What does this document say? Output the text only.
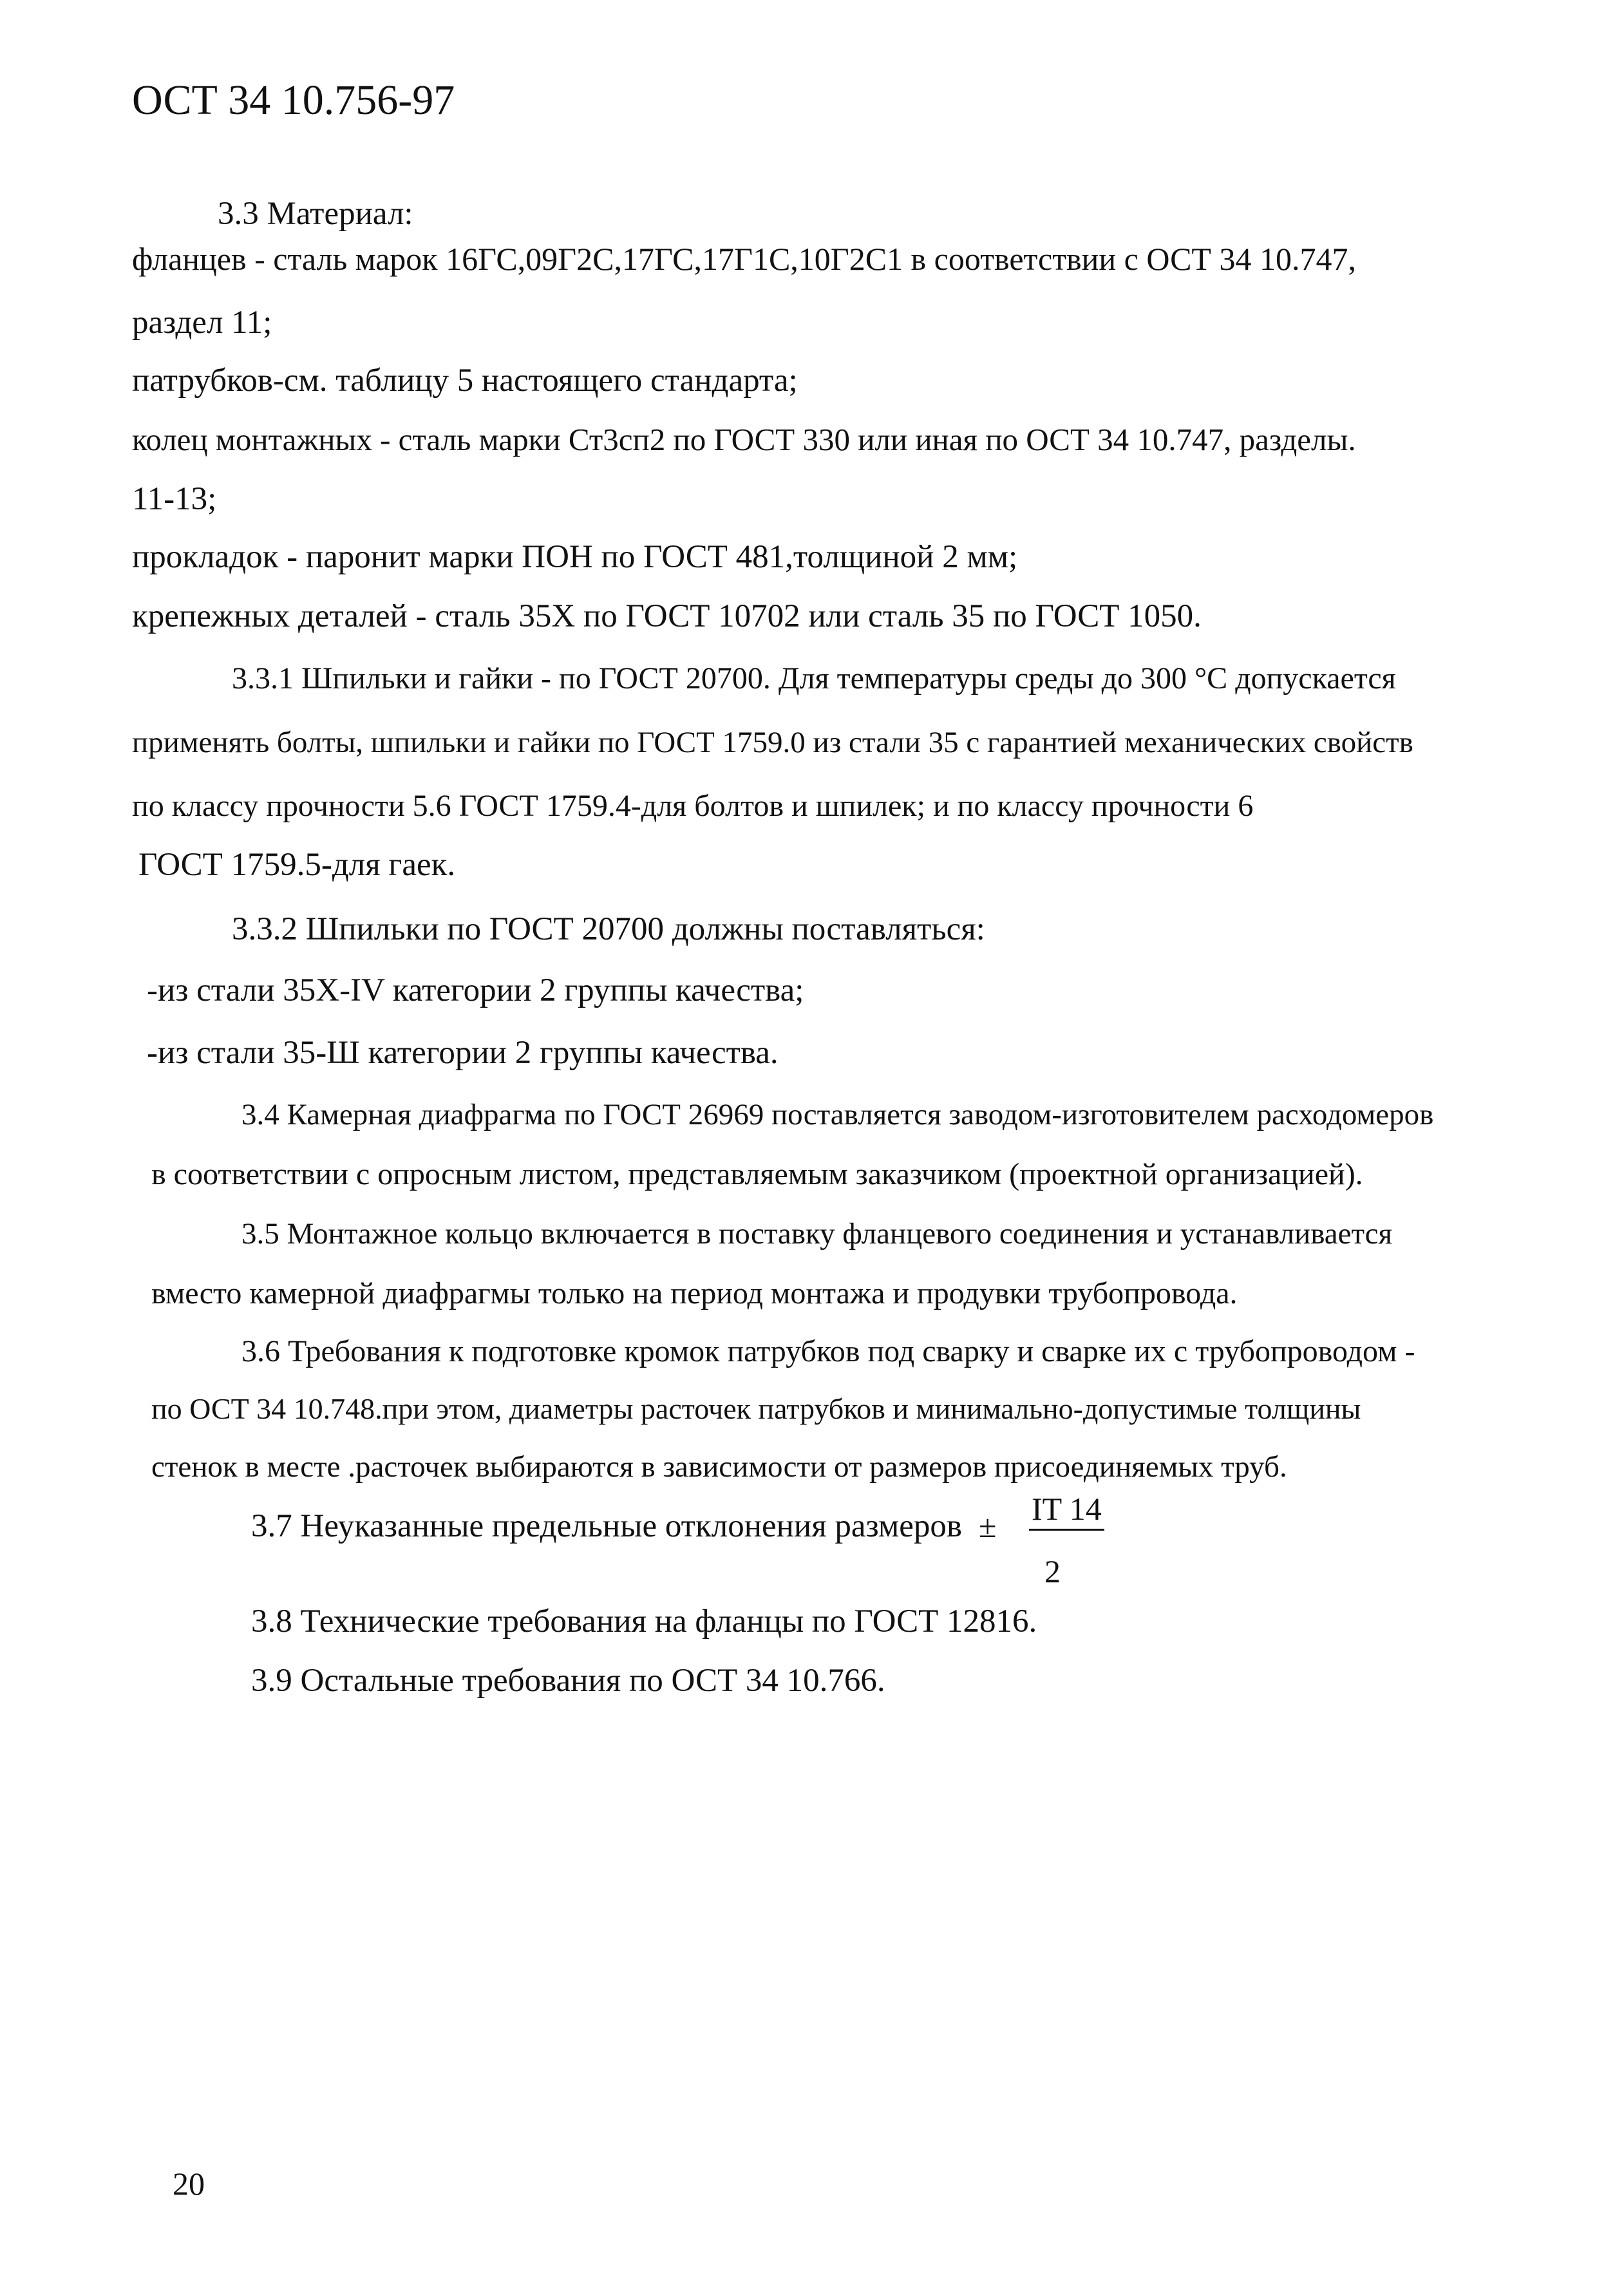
ОСТ 34 10.756-97
3.3 Материал:
фланцев - сталь марок 16ГС,09Г2С,17ГС,17Г1С,10Г2С1 в соответствии с ОСТ 34 10.747,
раздел 11;
патрубков-см. таблицу 5 настоящего стандарта;
колец монтажных - сталь марки Ст3сп2 по ГОСТ 330 или иная по ОСТ 34 10.747, разделы.
11-13;
прокладок - паронит марки ПОН по ГОСТ 481,толщиной 2 мм;
крепежных деталей - сталь 35Х по ГОСТ 10702 или сталь 35 по ГОСТ 1050.
3.3.1 Шпильки и гайки - по ГОСТ 20700. Для температуры среды до 300 °С допускается
применять болты, шпильки и гайки по ГОСТ 1759.0 из стали 35 с гарантией механических свойств
по классу прочности 5.6 ГОСТ 1759.4-для болтов и шпилек; и по классу прочности 6
ГОСТ 1759.5-для гаек.
3.3.2 Шпильки по ГОСТ 20700 должны поставляться:
-из стали 35Х-IV категории 2 группы качества;
-из стали 35-Ш категории 2 группы качества.
3.4 Камерная диафрагма по ГОСТ 26969 поставляется заводом-изготовителем расходомеров
в соответствии с опросным листом, представляемым заказчиком (проектной организацией).
3.5 Монтажное кольцо включается в поставку фланцевого соединения и устанавливается
вместо камерной диафрагмы только на период монтажа и продувки трубопровода.
3.6 Требования к подготовке кромок патрубков под сварку и сварке их с трубопроводом -
по ОСТ 34 10.748.при этом, диаметры расточек патрубков и минимально-допустимые толщины
стенок в месте .расточек выбираются в зависимости от размеров присоединяемых труб.
3.7 Неуказанные предельные отклонения размеров ± IT 14
2
3.8 Технические требования на фланцы по ГОСТ 12816.
3.9 Остальные требования по ОСТ 34 10.766.
20
